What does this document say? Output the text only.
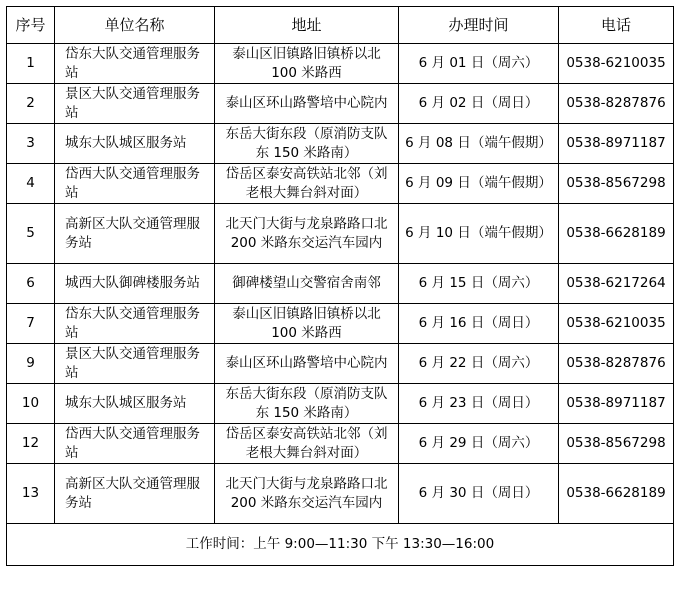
序号	单位名称	地址	办理时间	电话
1	岱东大队交通管理服务站	泰山区旧镇路旧镇桥以北 100 米路西	6 月 01 日（周六）	0538-6210035
2	景区大队交通管理服务站	泰山区环山路警培中心院内	6 月 02 日（周日）	0538-8287876
3	城东大队城区服务站	东岳大街东段（原消防支队东 150 米路南）	6 月 08 日（端午假期）	0538-8971187
4	岱西大队交通管理服务站	岱岳区泰安高铁站北邻（刘老根大舞台斜对面）	6 月 09 日（端午假期）	0538-8567298
5	高新区大队交通管理服务站	北天门大街与龙泉路路口北 200 米路东交运汽车园内	6 月 10 日（端午假期）	0538-6628189
6	城西大队御碑楼服务站	御碑楼望山交警宿舍南邻	6 月 15 日（周六）	0538-6217264
7	岱东大队交通管理服务站	泰山区旧镇路旧镇桥以北 100 米路西	6 月 16 日（周日）	0538-6210035
9	景区大队交通管理服务站	泰山区环山路警培中心院内	6 月 22 日（周六）	0538-8287876
10	城东大队城区服务站	东岳大街东段（原消防支队东 150 米路南）	6 月 23 日（周日）	0538-8971187
12	岱西大队交通管理服务站	岱岳区泰安高铁站北邻（刘老根大舞台斜对面）	6 月 29 日（周六）	0538-8567298
13	高新区大队交通管理服务站	北天门大街与龙泉路路口北 200 米路东交运汽车园内	6 月 30 日（周日）	0538-6628189
工作时间：上午 9:00—11:30 下午 13:30—16:00				
